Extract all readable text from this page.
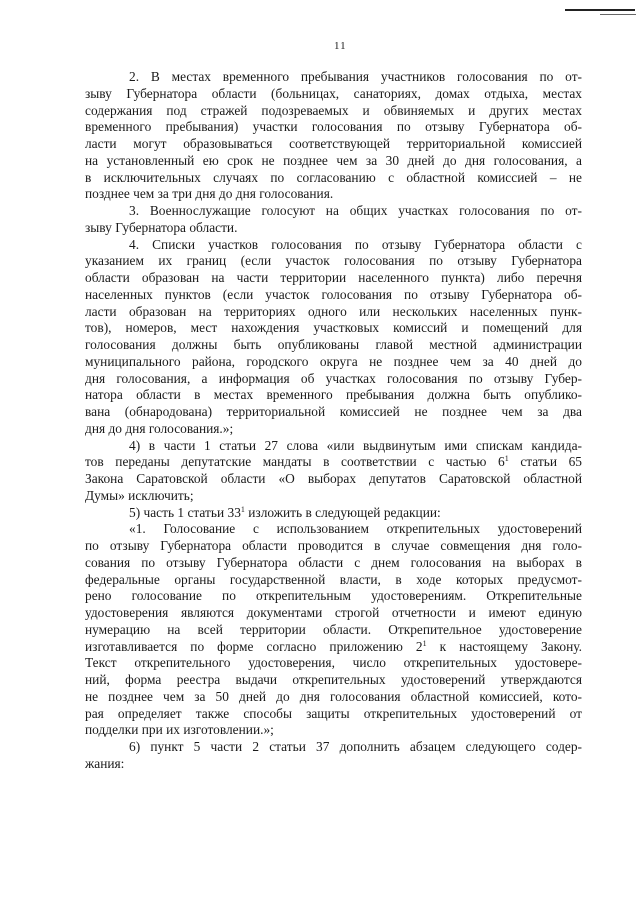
11
2. В местах временного пребывания участников голосования по от-
зыву Губернатора области (больницах, санаториях, домах отдыха, местах
содержания под стражей подозреваемых и обвиняемых и других местах
временного пребывания) участки голосования по отзыву Губернатора об-
ласти могут образовываться соответствующей территориальной комиссией
на установленный ею срок не позднее чем за 30 дней до дня голосования, а
в исключительных случаях по согласованию с областной комиссией – не
позднее чем за три дня до дня голосования.
3. Военнослужащие голосуют на общих участках голосования по от-
зыву Губернатора области.
4. Списки участков голосования по отзыву Губернатора области с
указанием их границ (если участок голосования по отзыву Губернатора
области образован на части территории населенного пункта) либо перечня
населенных пунктов (если участок голосования по отзыву Губернатора об-
ласти образован на территориях одного или нескольких населенных пунк-
тов), номеров, мест нахождения участковых комиссий и помещений для
голосования должны быть опубликованы главой местной администрации
муниципального района, городского округа не позднее чем за 40 дней до
дня голосования, а информация об участках голосования по отзыву Губер-
натора области в местах временного пребывания должна быть опублико-
вана (обнародована) территориальной комиссией не позднее чем за два
дня до дня голосования.»;
4) в части 1 статьи 27 слова «или выдвинутым ими спискам кандида-
тов переданы депутатские мандаты в соответствии с частью $6^1$ статьи 65
Закона Саратовской области «О выборах депутатов Саратовской областной
Думы» исключить;
5) часть 1 статьи $33^1$ изложить в следующей редакции:
«1. Голосование с использованием открепительных удостоверений
по отзыву Губернатора области проводится в случае совмещения дня голо-
сования по отзыву Губернатора области с днем голосования на выборах в
федеральные органы государственной власти, в ходе которых предусмот-
рено голосование по открепительным удостоверениям. Открепительные
удостоверения являются документами строгой отчетности и имеют единую
нумерацию на всей территории области. Открепительное удостоверение
изготавливается по форме согласно приложению $2^1$ к настоящему Закону.
Текст открепительного удостоверения, число открепительных удостовере-
ний, форма реестра выдачи открепительных удостоверений утверждаются
не позднее чем за 50 дней до дня голосования областной комиссией, кото-
рая определяет также способы защиты открепительных удостоверений от
подделки при их изготовлении.»;
6) пункт 5 части 2 статьи 37 дополнить абзацем следующего содер-
жания:
